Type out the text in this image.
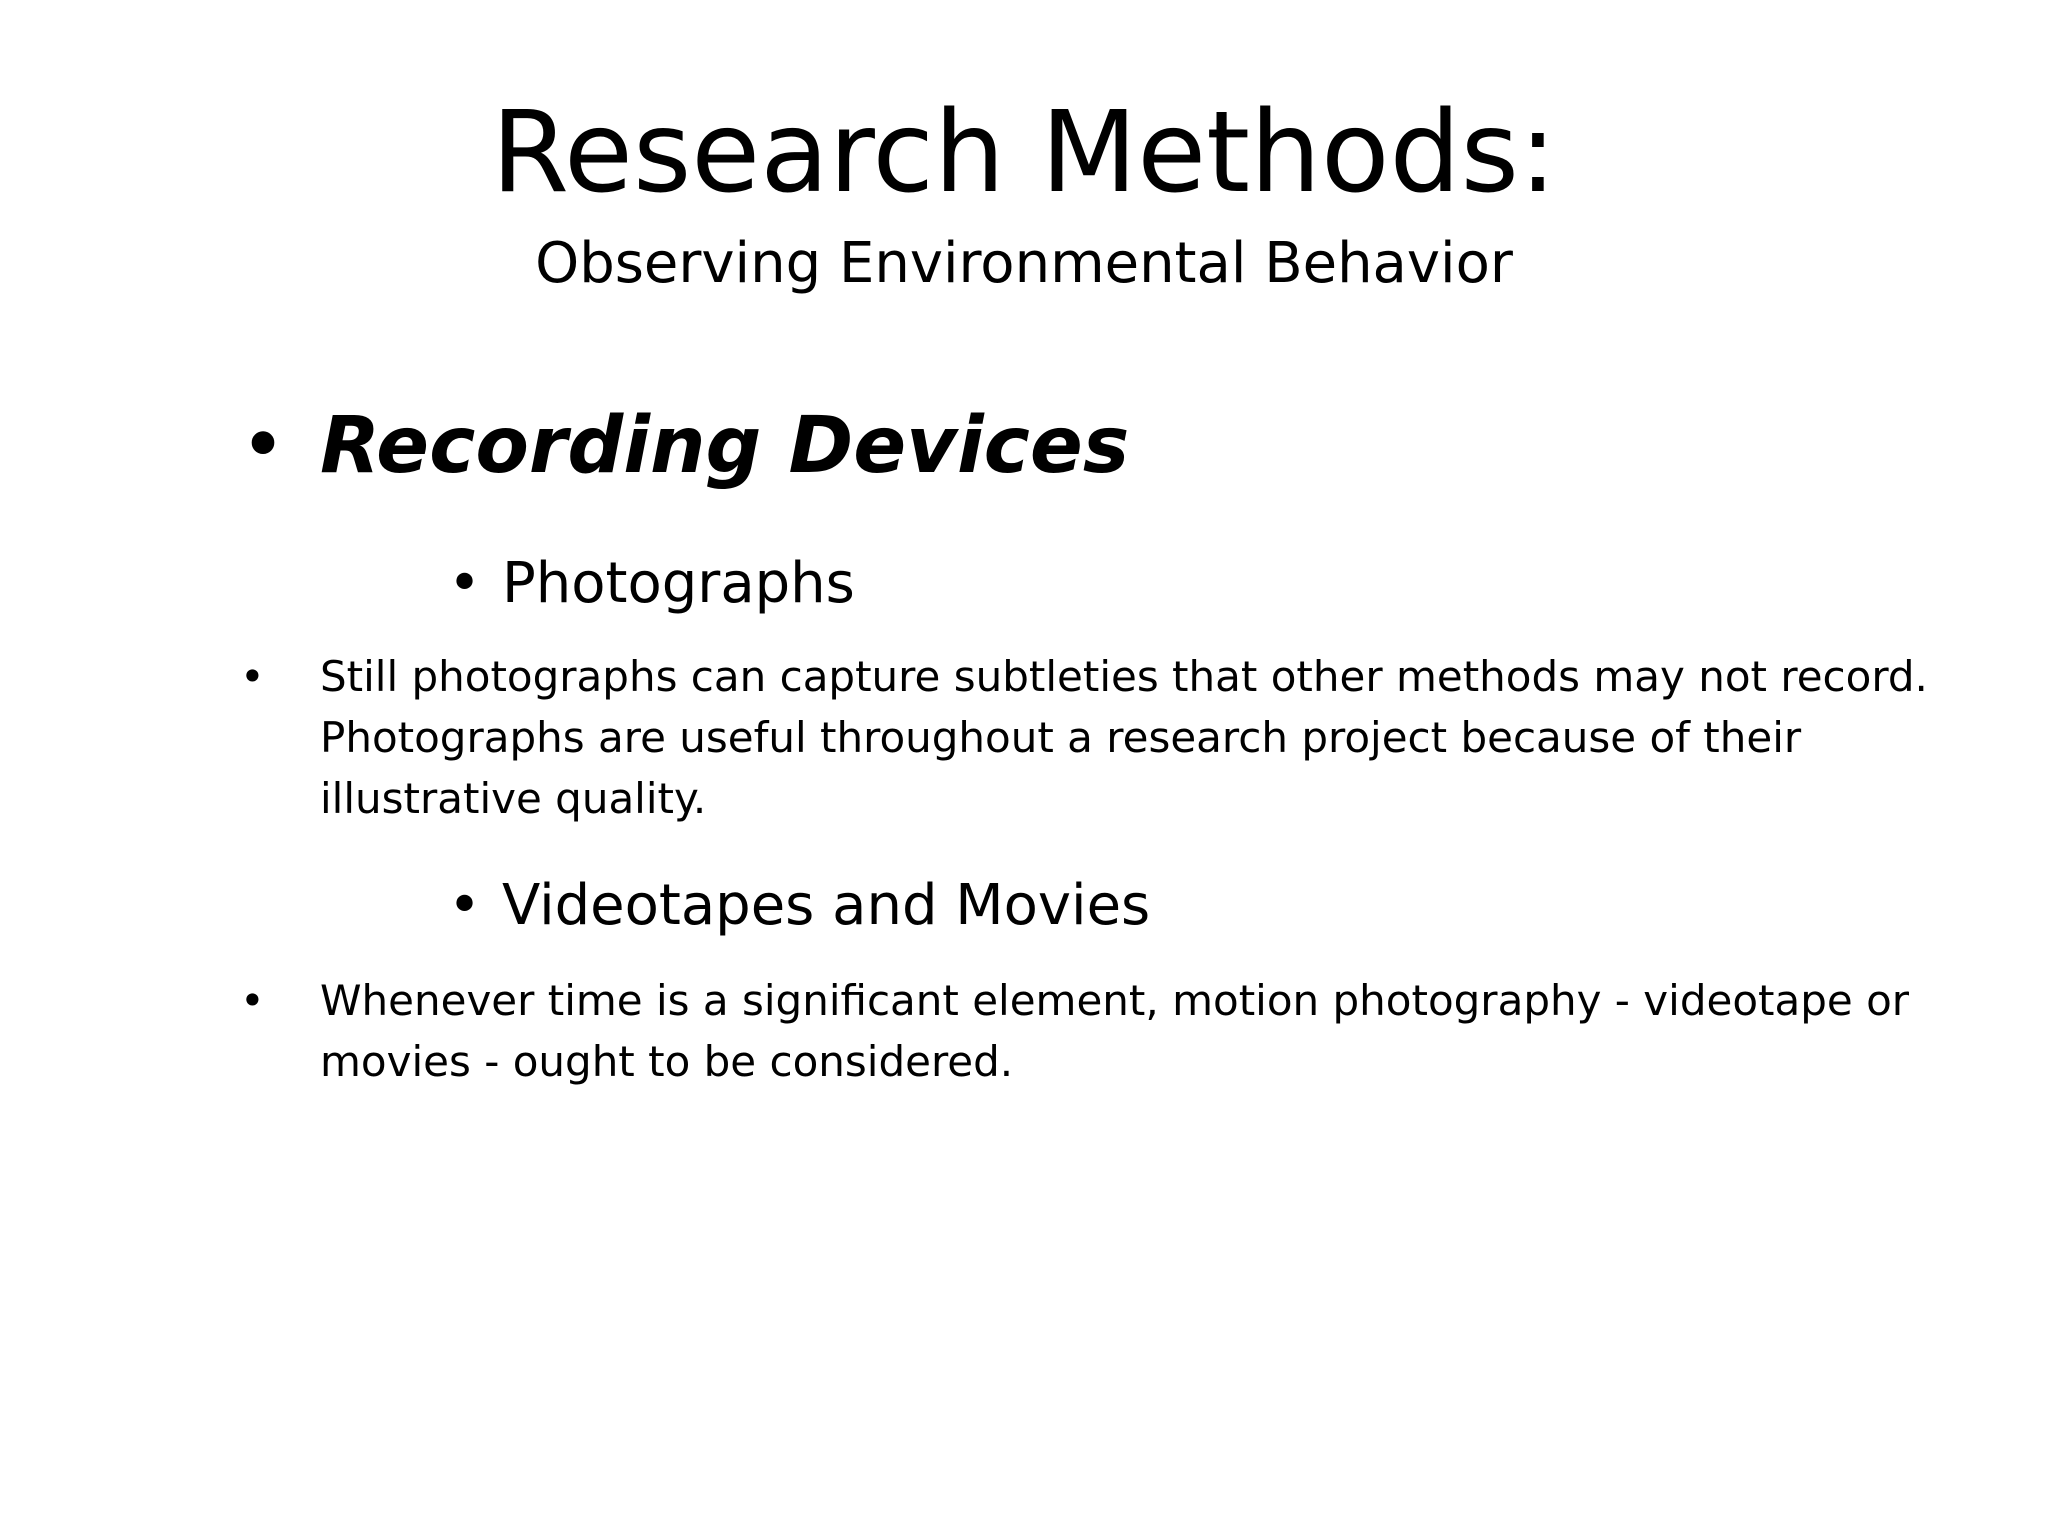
Research Methods:
Observing Environmental Behavior
• Recording Devices
• Photographs
• Still photographs can capture subtleties that other methods may not record. Photographs are useful throughout a research project because of their illustrative quality.
• Videotapes and Movies
• Whenever time is a significant element, motion photography - videotape or movies - ought to be considered.
